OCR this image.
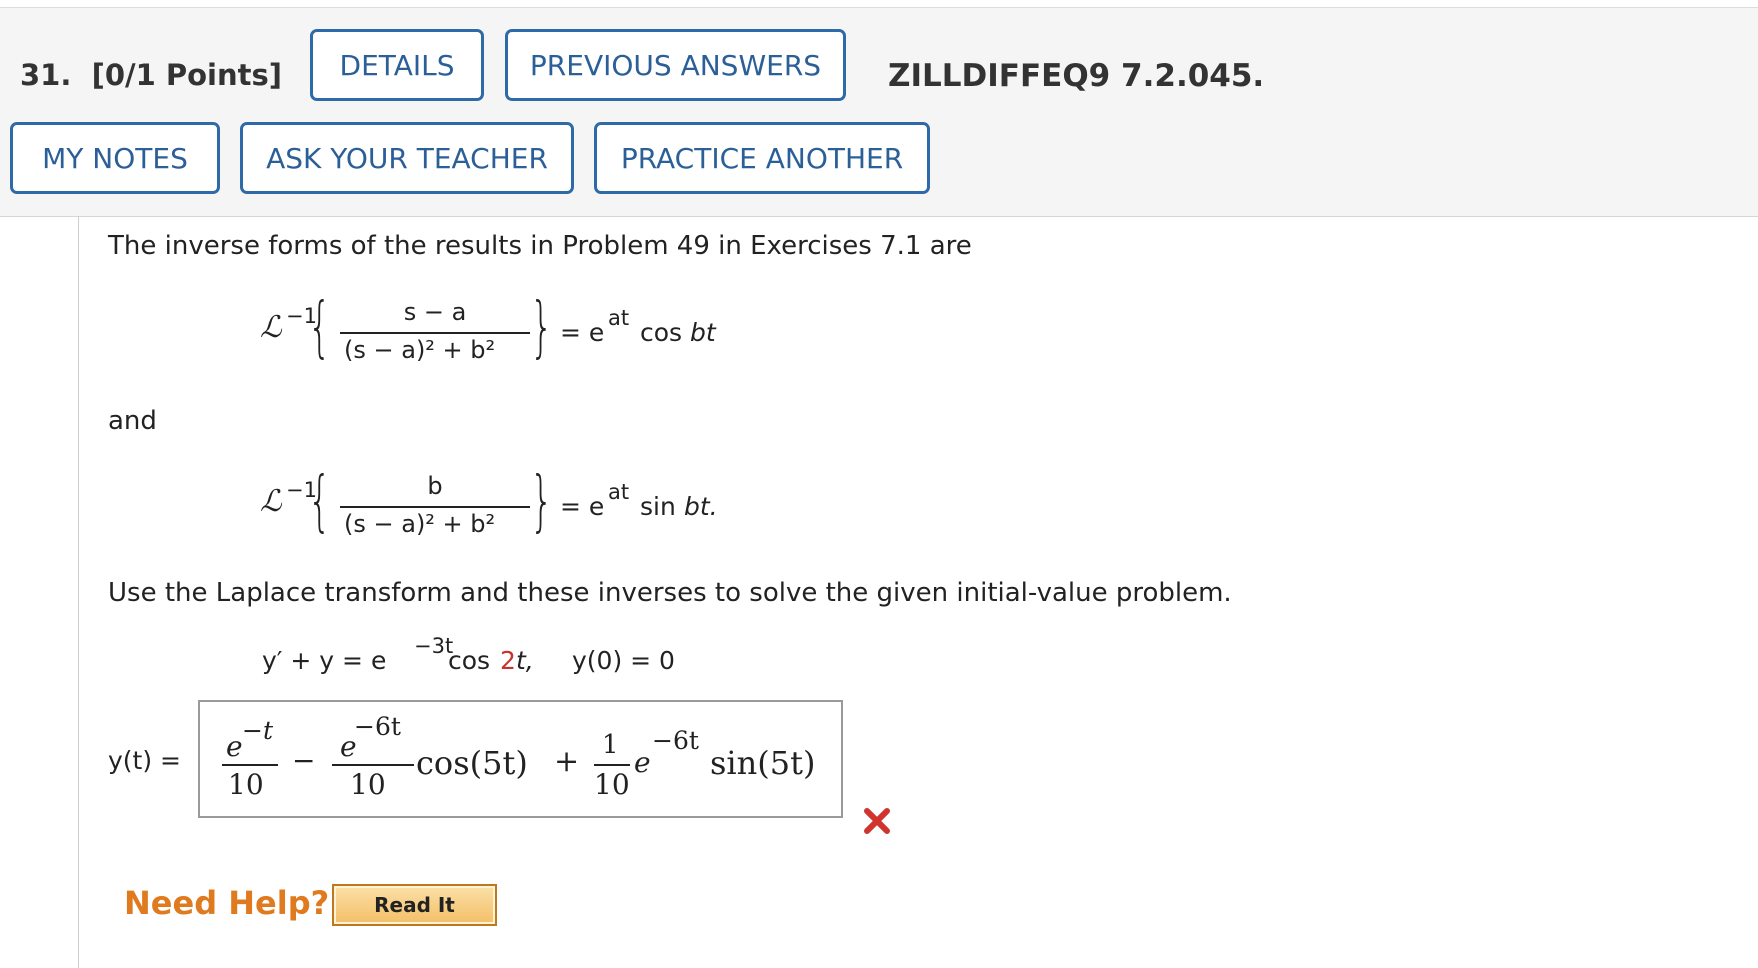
31. [0/1 Points] DETAILS	PREVIOUS ANSWERS ZILLDIFFEQ9 7.2.045.
MY NOTES	ASK YOUR TEACHER	PRACTICE ANOTHER
The inverse forms of the results in Problem 49 in Exercises 7.1 are
ℒ −1
{	s − a
(s − a)² + b² } = e at cos bt
and
ℒ −1
{	b
(s − a)² + b² } = e at sin bt.
Use the Laplace transform and these inverses to solve the given initial-value problem.
y′ + y = e −3t
cos 2 t, y(0) = 0
y(t) = e −t
10
− e
−6t
10
cos(5t) + 1
10
e
−6t
sin(5t)
Need Help? Read It
